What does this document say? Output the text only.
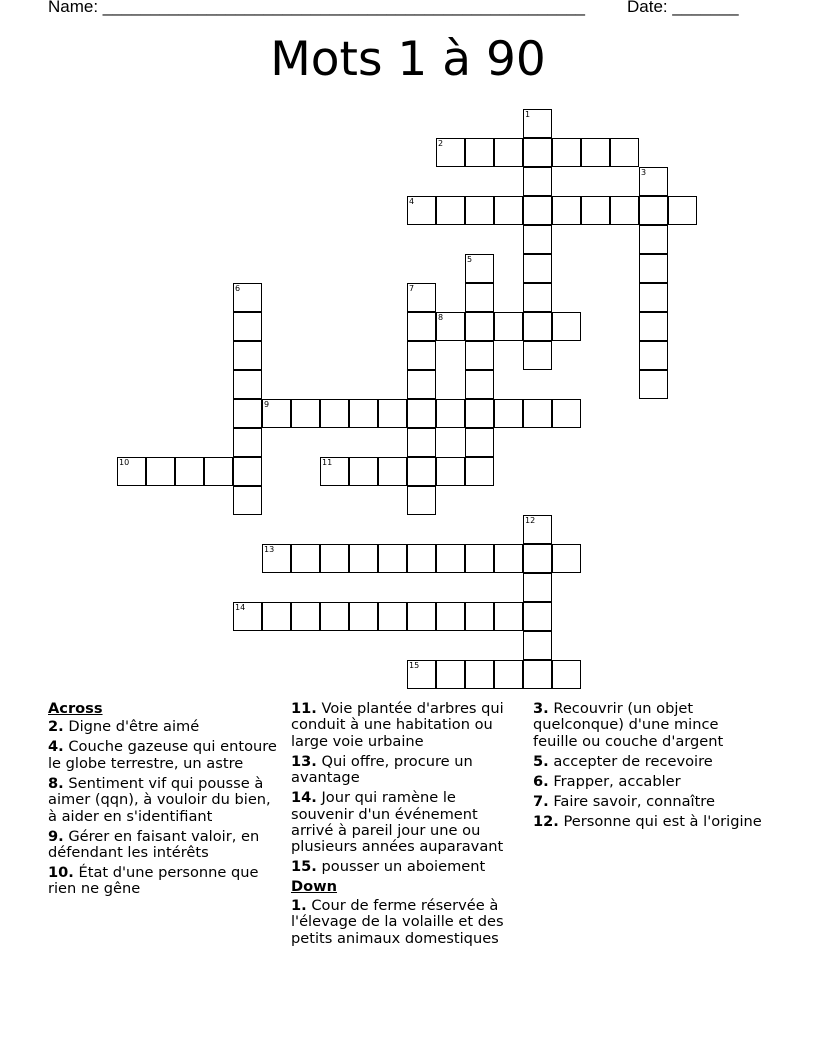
Name: ___________________________________________________ Date: _______
Mots 1 à 90
1
2
3
4
5
6	7
8
9
10	11
12
13
14
15
Across
2. Digne d'être aimé
4. Couche gazeuse qui entoure le globe terrestre, un astre
8. Sentiment vif qui pousse à aimer (qqn), à vouloir du bien, à aider en s'identifiant
9. Gérer en faisant valoir, en défendant les intérêts
10. État d'une personne que rien ne gêne
11. Voie plantée d'arbres qui conduit à une habitation ou large voie urbaine
13. Qui offre, procure un avantage
14. Jour qui ramène le souvenir d'un événement arrivé à pareil jour une ou plusieurs années auparavant
15. pousser un aboiement
Down
1. Cour de ferme réservée à l'élevage de la volaille et des petits animaux domestiques
3. Recouvrir (un objet quelconque) d'une mince feuille ou couche d'argent
5. accepter de recevoire
6. Frapper, accabler
7. Faire savoir, connaître
12. Personne qui est à l'origine
